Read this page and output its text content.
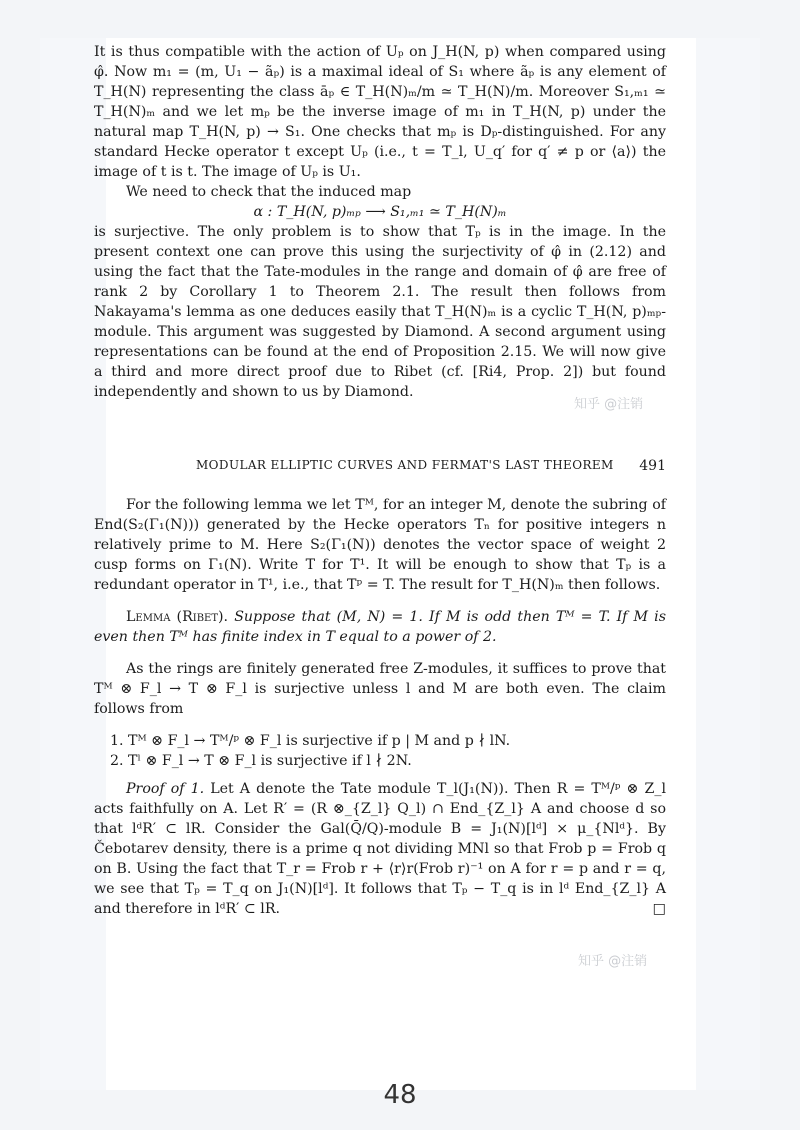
It is thus compatible with the action of Uₚ on J_H(N, p) when compared using φ̂. Now m₁ = (m, U₁ − ãₚ) is a maximal ideal of S₁ where ãₚ is any element of T_H(N) representing the class āₚ ∈ T_H(N)ₘ/m ≃ T_H(N)/m. Moreover S₁,ₘ₁ ≃ T_H(N)ₘ and we let mₚ be the inverse image of m₁ in T_H(N, p) under the natural map T_H(N, p) → S₁. One checks that mₚ is Dₚ-distinguished. For any standard Hecke operator t except Uₚ (i.e., t = T_l, U_q′ for q′ ≠ p or ⟨a⟩) the image of t is t. The image of Uₚ is U₁.

We need to check that the induced map

α : T_H(N, p)ₘₚ ⟶ S₁,ₘ₁ ≃ T_H(N)ₘ

is surjective. The only problem is to show that Tₚ is in the image. In the present context one can prove this using the surjectivity of φ̂ in (2.12) and using the fact that the Tate-modules in the range and domain of φ̂ are free of rank 2 by Corollary 1 to Theorem 2.1. The result then follows from Nakayama's lemma as one deduces easily that T_H(N)ₘ is a cyclic T_H(N, p)ₘₚ-module. This argument was suggested by Diamond. A second argument using representations can be found at the end of Proposition 2.15. We will now give a third and more direct proof due to Ribet (cf. [Ri4, Prop. 2]) but found independently and shown to us by Diamond.

知乎 @注销
MODULAR ELLIPTIC CURVES AND FERMAT'S LAST THEOREM 491

For the following lemma we let Tᴹ, for an integer M, denote the subring of End(S₂(Γ₁(N))) generated by the Hecke operators Tₙ for positive integers n relatively prime to M. Here S₂(Γ₁(N)) denotes the vector space of weight 2 cusp forms on Γ₁(N). Write T for T¹. It will be enough to show that Tₚ is a redundant operator in T¹, i.e., that Tᵖ = T. The result for T_H(N)ₘ then follows.

Lemma (Ribet). Suppose that (M, N) = 1. If M is odd then Tᴹ = T. If M is even then Tᴹ has finite index in T equal to a power of 2.

As the rings are finitely generated free Z-modules, it suffices to prove that Tᴹ ⊗ F_l → T ⊗ F_l is surjective unless l and M are both even. The claim follows from

1. Tᴹ ⊗ F_l → Tᴹ/ᵖ ⊗ F_l is surjective if p | M and p ∤ lN.

2. Tˡ ⊗ F_l → T ⊗ F_l is surjective if l ∤ 2N.

Proof of 1. Let A denote the Tate module T_l(J₁(N)). Then R = Tᴹ/ᵖ ⊗ Z_l acts faithfully on A. Let R′ = (R ⊗_{Z_l} Q_l) ∩ End_{Z_l} A and choose d so that lᵈR′ ⊂ lR. Consider the Gal(Q̄/Q)-module B = J₁(N)[lᵈ] × μ_{Nlᵈ}. By Čebotarev density, there is a prime q not dividing MNl so that Frob p = Frob q on B. Using the fact that T_r = Frob r + ⟨r⟩r(Frob r)⁻¹ on A for r = p and r = q, we see that Tₚ = T_q on J₁(N)[lᵈ]. It follows that Tₚ − T_q is in lᵈ End_{Z_l} A and therefore in lᵈR′ ⊂ lR.	□

知乎 @注销
48
